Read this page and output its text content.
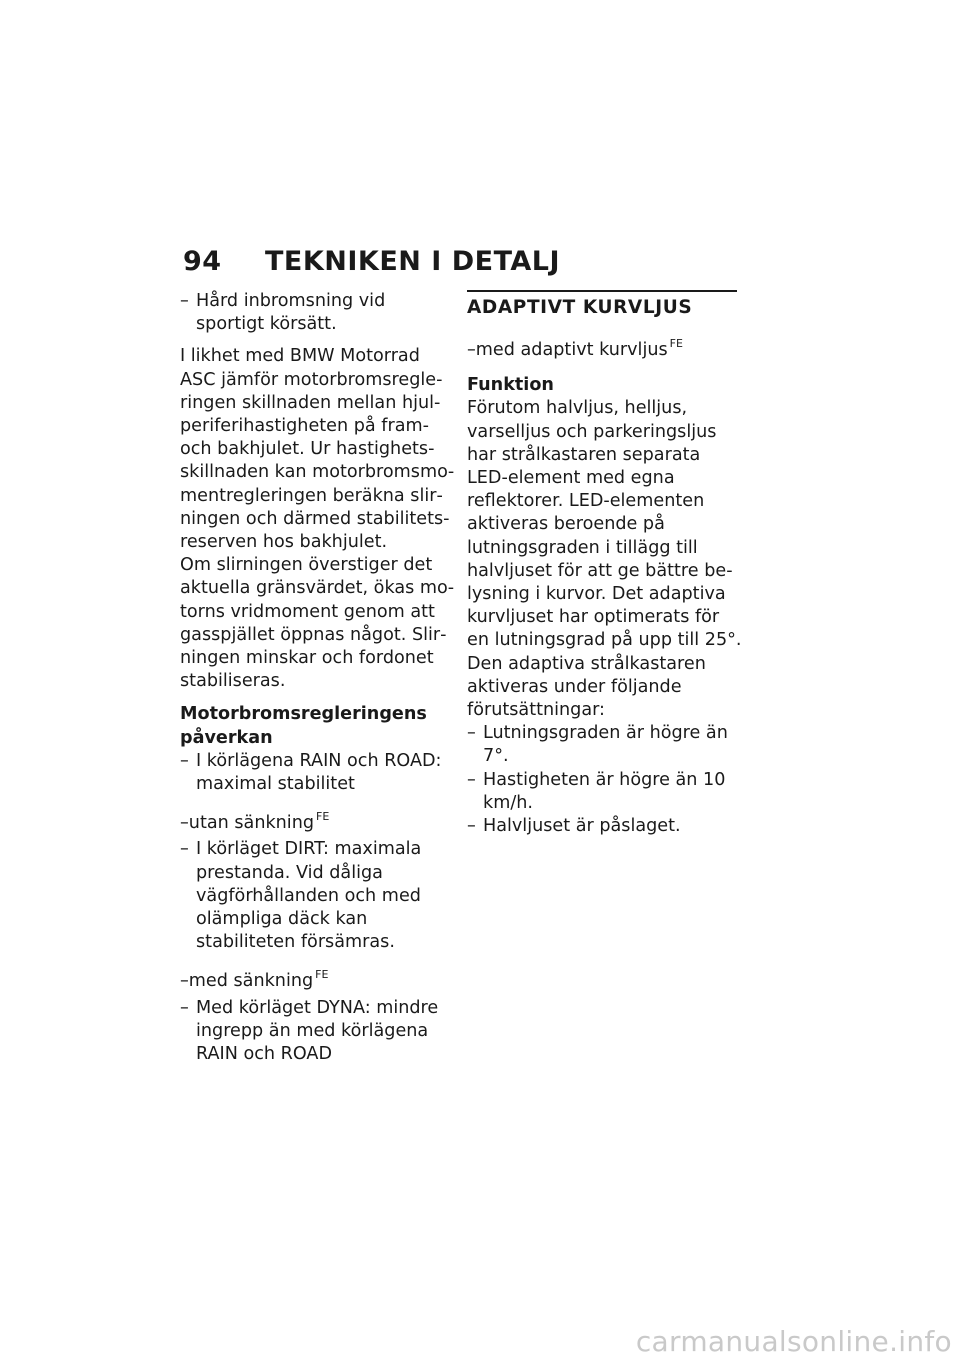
94	TEKNIKEN I DETALJ
– Hård inbromsning vid sportigt körsätt.

I likhet med BMW Motorrad ASC jämför motorbromsregleringen skillnaden mellan hjulperiferihastigheten på fram- och bakhjulet. Ur hastighetsskillnaden kan motorbromsmomentregleringen beräkna slirningen och därmed stabilitetsreserven hos bakhjulet.

Om slirningen överstiger det aktuella gränsvärdet, ökas motorns vridmoment genom att gasspjället öppnas något. Slirningen minskar och fordonet stabiliseras.

Motorbromsregleringens påverkan
– I körlägena RAIN och ROAD: maximal stabilitet
–utan sänkning $^{FE}$
– I körläget DIRT: maximala prestanda. Vid dåliga vägförhållanden och med olämpliga däck kan stabiliteten försämras.
–med sänkning $^{FE}$
– Med körläget DYNA: mindre ingrepp än med körlägena RAIN och ROAD
ADAPTIVT KURVLJUS
–med adaptivt kurvljus $^{FE}$
Funktion

Förutom halvljus, helljus, varselljus och parkeringsljus har strålkastaren separata LED-element med egna reflektorer. LED-elementen aktiveras beroende på lutningsgraden i tillägg till halvljuset för att ge bättre belysning i kurvor. Det adaptiva kurvljuset har optimerats för en lutningsgrad på upp till 25°.

Den adaptiva strålkastaren aktiveras under följande förutsättningar:

– Lutningsgraden är högre än 7°.
– Hastigheten är högre än 10 km/h.
– Halvljuset är påslaget.
carmanualsonline.info
